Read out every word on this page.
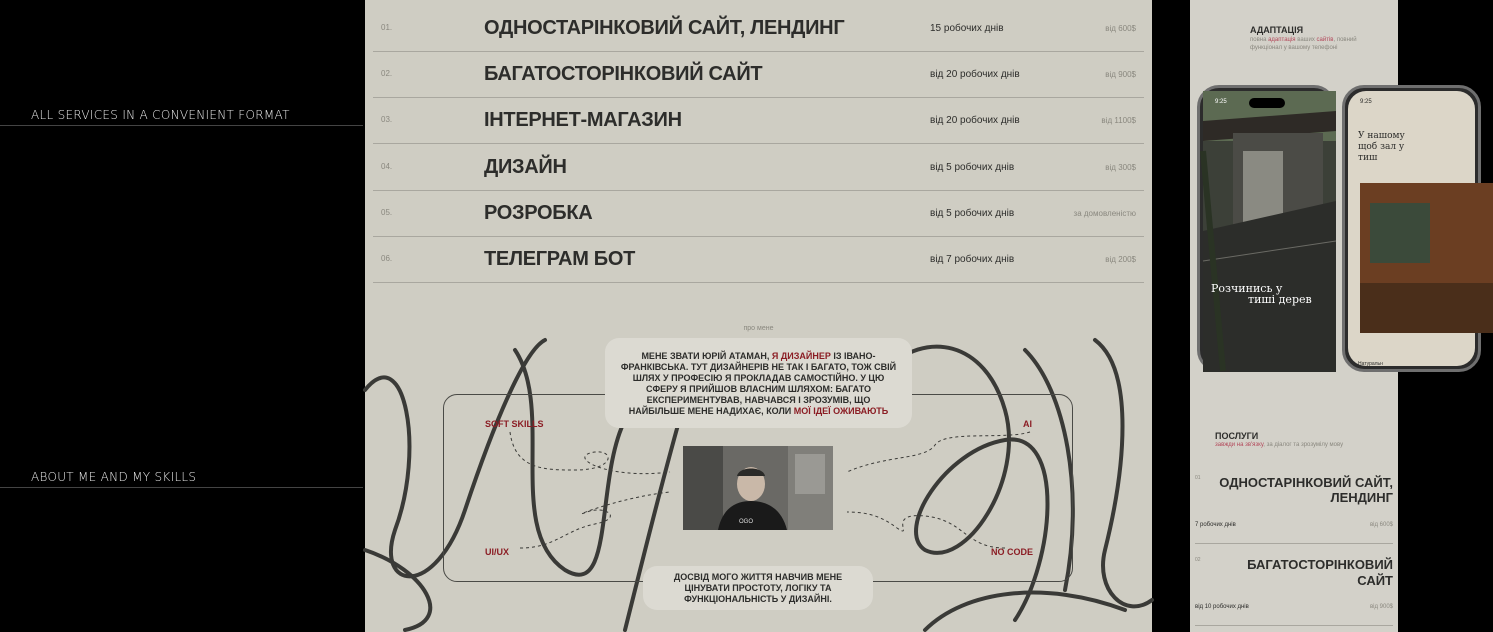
ALL SERVICES IN A CONVENIENT FORMAT
ABOUT ME AND MY SKILLS
01.	ОДНОСТАРІНКОВИЙ САЙТ, ЛЕНДИНГ	15 робочих днів	від 600$
02.	БАГАТОСТОРІНКОВИЙ САЙТ	від 20 робочих днів	від 900$
03.	ІНТЕРНЕТ-МАГАЗИН	від 20 робочих днів	від 1100$
04.	ДИЗАЙН	від 5 робочих днів	від 300$
05.	РОЗРОБКА	від 5 робочих днів	за домовленістю
06.	ТЕЛЕГРАМ БОТ	від 7 робочих днів	від 200$
про мене
SOFT SKILLS	AI
UI/UX	NO CODE
МЕНЕ ЗВАТИ ЮРІЙ АТАМАН, Я ДИЗАЙНЕР ІЗ ІВАНО-ФРАНКІВСЬКА. ТУТ ДИЗАЙНЕРІВ НЕ ТАК І БАГАТО, ТОЖ СВІЙ ШЛЯХ У ПРОФЕСІЮ Я ПРОКЛАДАВ САМОСТІЙНО. У ЦЮ СФЕРУ Я ПРИЙШОВ ВЛАСНИМ ШЛЯХОМ: БАГАТО ЕКСПЕРИМЕНТУВАВ, НАВЧАВСЯ І ЗРОЗУМІВ, ЩО НАЙБІЛЬШЕ МЕНЕ НАДИХАЄ, КОЛИ МОЇ ІДЕЇ ОЖИВАЮТЬ
OGO
ДОСВІД МОГО ЖИТТЯ НАВЧИВ МЕНЕ ЦІНУВАТИ ПРОСТОТУ, ЛОГІКУ ТА ФУНКЦІОНАЛЬНІСТЬ У ДИЗАЙНІ.
АДАПТАЦІЯ
повна адаптація ваших сайтів, повний функціонал у вашому телефоні
9:25
Розчинись у
тиші дерев
9:25
У нашому щоб зал у тиш
Натуральн
ПОСЛУГИ
завжди на зв'язку, за діалог та зрозумілу мову
01 ОДНОСТАРІНКОВИЙ САЙТ,
ЛЕНДИНГ
7 робочих днів	від 600$
02	БАГАТОСТОРІНКОВИЙ
САЙТ
від 10 робочих днів	від 900$
